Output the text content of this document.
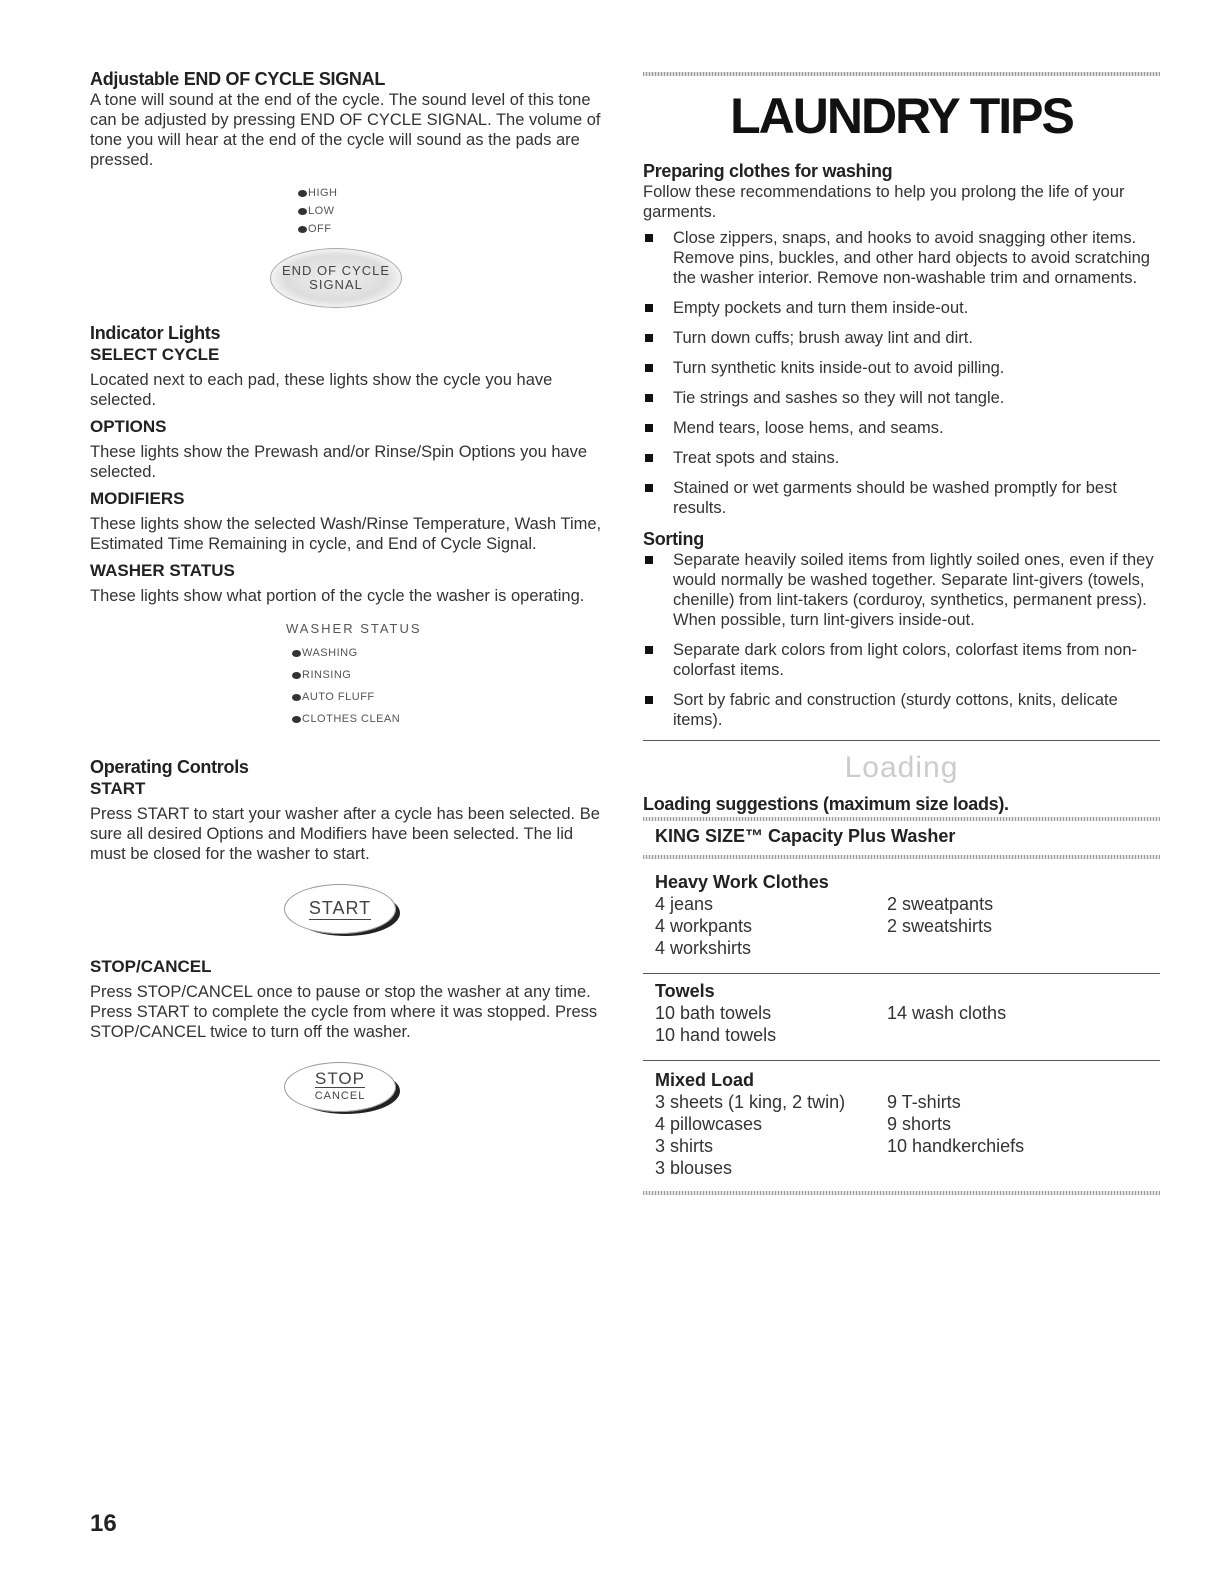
Adjustable END OF CYCLE SIGNAL

A tone will sound at the end of the cycle. The sound level of this tone can be adjusted by pressing END OF CYCLE SIGNAL. The volume of tone you will hear at the end of the cycle will sound as the pads are pressed.

HIGH
LOW
OFF
END OF CYCLE
SIGNAL
Indicator Lights
SELECT CYCLE

Located next to each pad, these lights show the cycle you have selected.

OPTIONS

These lights show the Prewash and/or Rinse/Spin Options you have selected.

MODIFIERS

These lights show the selected Wash/Rinse Temperature, Wash Time, Estimated Time Remaining in cycle, and End of Cycle Signal.

WASHER STATUS

These lights show what portion of the cycle the washer is operating.

WASHER STATUS
WASHING
RINSING
AUTO FLUFF
CLOTHES CLEAN
Operating Controls
START

Press START to start your washer after a cycle has been selected. Be sure all desired Options and Modifiers have been selected. The lid must be closed for the washer to start.

START
STOP/CANCEL

Press STOP/CANCEL once to pause or stop the washer at any time. Press START to complete the cycle from where it was stopped. Press STOP/CANCEL twice to turn off the washer.

STOP
CANCEL
LAUNDRY TIPS
Preparing clothes for washing

Follow these recommendations to help you prolong the life of your garments.

Close zippers, snaps, and hooks to avoid snagging other items. Remove pins, buckles, and other hard objects to avoid scratching the washer interior. Remove non-washable trim and ornaments.
Empty pockets and turn them inside-out.
Turn down cuffs; brush away lint and dirt.
Turn synthetic knits inside-out to avoid pilling.
Tie strings and sashes so they will not tangle.
Mend tears, loose hems, and seams.
Treat spots and stains.
Stained or wet garments should be washed promptly for best results.
Sorting
Separate heavily soiled items from lightly soiled ones, even if they would normally be washed together. Separate lint-givers (towels, chenille) from lint-takers (corduroy, synthetics, permanent press). When possible, turn lint-givers inside-out.
Separate dark colors from light colors, colorfast items from non-colorfast items.
Sort by fabric and construction (sturdy cottons, knits, delicate items).
Loading
Loading suggestions (maximum size loads).
KING SIZE™ Capacity Plus Washer
Heavy Work Clothes
4 jeans
4 workpants
4 workshirts
2 sweatpants
2 sweatshirts
Towels
10 bath towels
10 hand towels
14 wash cloths
Mixed Load
3 sheets (1 king, 2 twin)
4 pillowcases
3 shirts
3 blouses
9 T-shirts
9 shorts
10 handkerchiefs
16
